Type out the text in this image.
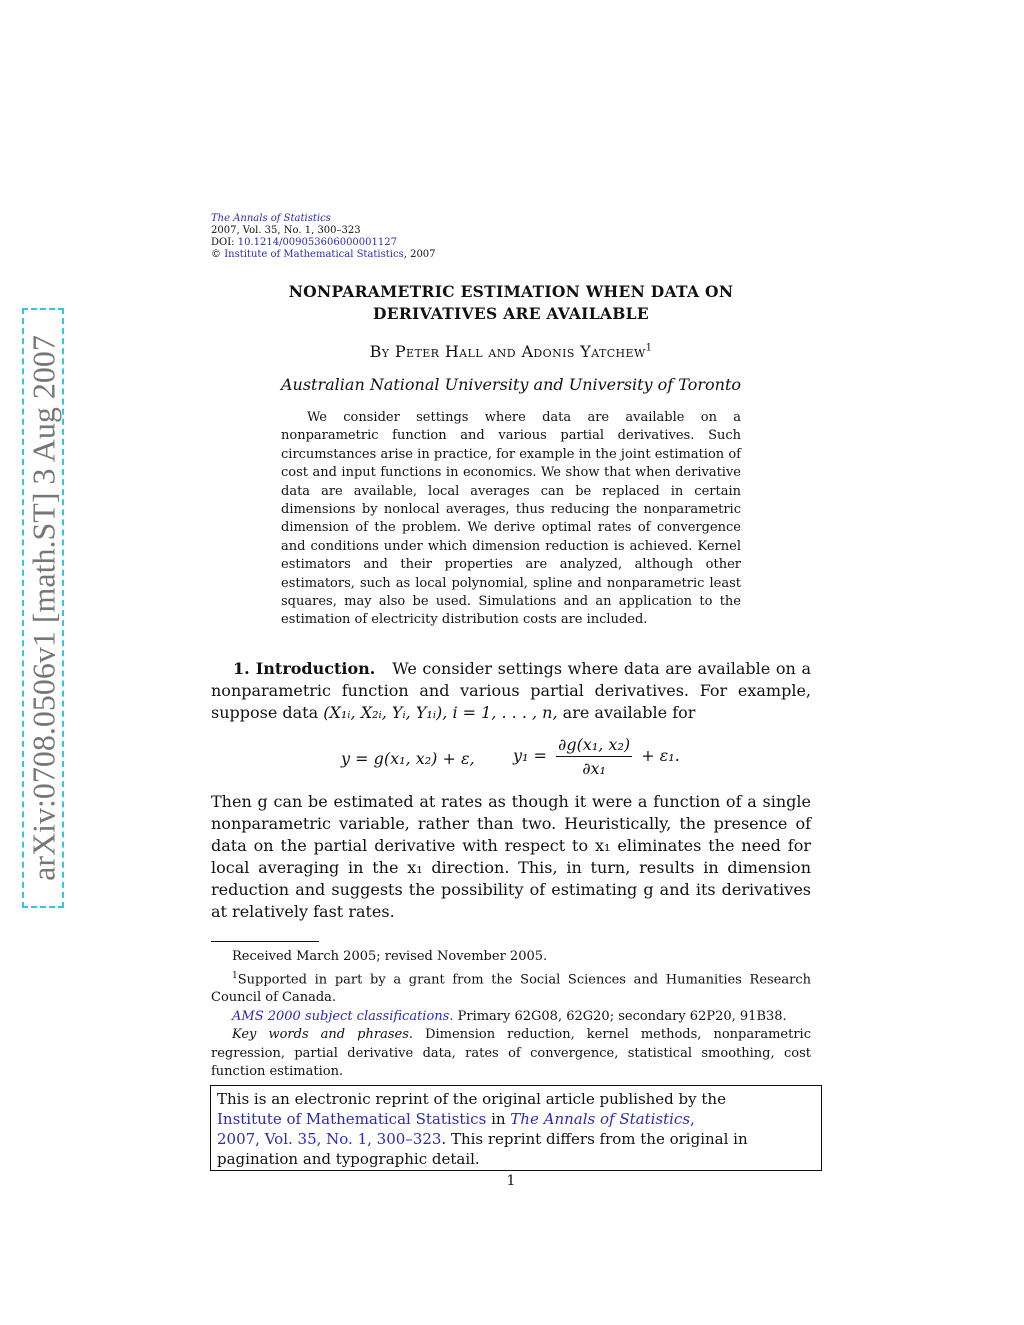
arXiv:0708.0506v1 [math.ST] 3 Aug 2007
The Annals of Statistics
2007, Vol. 35, No. 1, 300–323
DOI: 10.1214/009053606000001127
© Institute of Mathematical Statistics, 2007
NONPARAMETRIC ESTIMATION WHEN DATA ON
DERIVATIVES ARE AVAILABLE
By Peter Hall and Adonis Yatchew$^1$
Australian National University and University of Toronto

We consider settings where data are available on a nonparametric function and various partial derivatives. Such circumstances arise in practice, for example in the joint estimation of cost and input functions in economics. We show that when derivative data are available, local averages can be replaced in certain dimensions by nonlocal averages, thus reducing the nonparametric dimension of the problem. We derive optimal rates of convergence and conditions under which dimension reduction is achieved. Kernel estimators and their properties are analyzed, although other estimators, such as local polynomial, spline and nonparametric least squares, may also be used. Simulations and an application to the estimation of electricity distribution costs are included.

1. Introduction. We consider settings where data are available on a nonparametric function and various partial derivatives. For example, suppose data (X₁ᵢ, X₂ᵢ, Yᵢ, Y₁ᵢ), i = 1, . . . , n, are available for

y = g(x₁, x₂) + ε, $y_1 = \frac{\text{∂g(x₁, x₂)}}{\text{∂x₁}} + \varepsilon_1$.

Then g can be estimated at rates as though it were a function of a single nonparametric variable, rather than two. Heuristically, the presence of data on the partial derivative with respect to x₁ eliminates the need for local averaging in the x₁ direction. This, in turn, results in dimension reduction and suggests the possibility of estimating g and its derivatives at relatively fast rates.

Received March 2005; revised November 2005.

$^1$Supported in part by a grant from the Social Sciences and Humanities Research Council of Canada.

AMS 2000 subject classifications. Primary 62G08, 62G20; secondary 62P20, 91B38.

Key words and phrases. Dimension reduction, kernel methods, nonparametric regression, partial derivative data, rates of convergence, statistical smoothing, cost function estimation.

This is an electronic reprint of the original article published by the
Institute of Mathematical Statistics in The Annals of Statistics,
2007, Vol. 35, No. 1, 300–323. This reprint differs from the original in pagination and typographic detail.
1
